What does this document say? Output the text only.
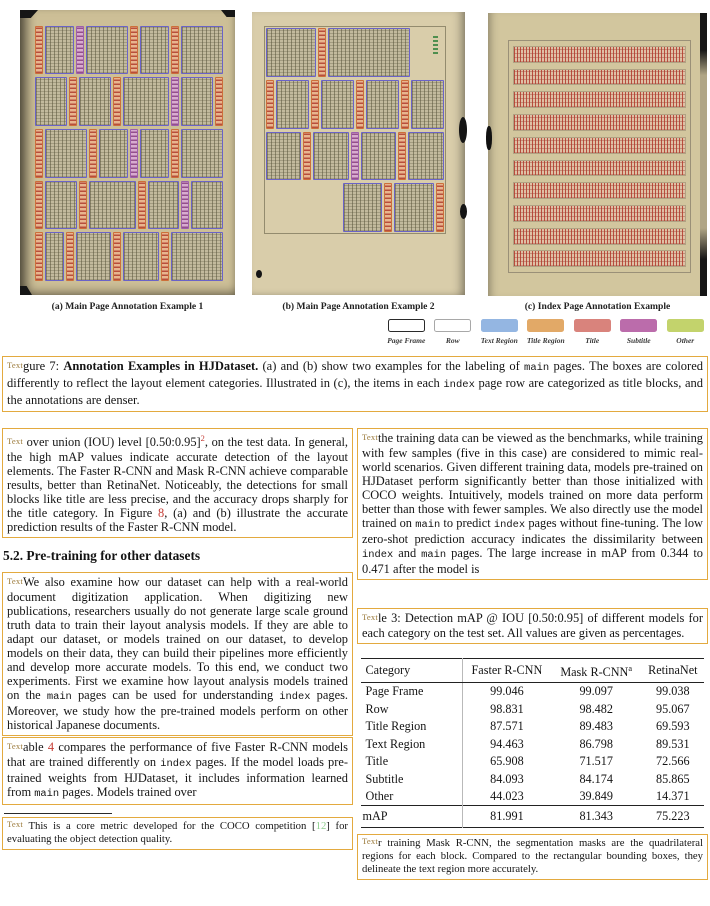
(a) Main Page Annotation Example 1	(b) Main Page Annotation Example 2	(c) Index Page Annotation Example
Page Frame	Row	Text Region	Title Region	Title	Subtitle	Other
Textgure 7: Annotation Examples in HJDataset. (a) and (b) show two examples for the labeling of main pages. The boxes are colored differently to reflect the layout element categories. Illustrated in (c), the items in each index page row are categorized as title blocks, and the annotations are denser.
Text over union (IOU) level [0.50:0.95]$^2$, on the test data. In general, the high mAP values indicate accurate detection of the layout elements. The Faster R-CNN and Mask R-CNN achieve comparable results, better than RetinaNet. Noticeably, the detections for small blocks like title are less precise, and the accuracy drops sharply for the title category. In Figure 8, (a) and (b) illustrate the accurate prediction results of the Faster R-CNN model.
5.2. Pre-training for other datasets
TextWe also examine how our dataset can help with a real-world document digitization application. When digitizing new publications, researchers usually do not generate large scale ground truth data to train their layout analysis models. If they are able to adapt our dataset, or models trained on our dataset, to develop models on their data, they can build their pipelines more efficiently and develop more accurate models. To this end, we conduct two experiments. First we examine how layout analysis models trained on the main pages can be used for understanding index pages. Moreover, we study how the pre-trained models perform on other historical Japanese documents.
Textable 4 compares the performance of five Faster R-CNN models that are trained differently on index pages. If the model loads pre-trained weights from HJDataset, it includes information learned from main pages. Models trained over
Text This is a core metric developed for the COCO competition [12] for evaluating the object detection quality.
Textthe training data can be viewed as the benchmarks, while training with few samples (five in this case) are considered to mimic real-world scenarios. Given different training data, models pre-trained on HJDataset perform significantly better than those initialized with COCO weights. Intuitively, models trained on more data perform better than those with fewer samples. We also directly use the model trained on main to predict index pages without fine-tuning. The low zero-shot prediction accuracy indicates the dissimilarity between index and main pages. The large increase in mAP from 0.344 to 0.471 after the model is
Textle 3: Detection mAP @ IOU [0.50:0.95] of different models for each category on the test set. All values are given as percentages.
Category	Faster R-CNN	Mask R-CNN$^a$	RetinaNet
Page Frame	99.046	99.097	99.038
Row	98.831	98.482	95.067
Title Region	87.571	89.483	69.593
Text Region	94.463	86.798	89.531
Title	65.908	71.517	72.566
Subtitle	84.093	84.174	85.865
Other	44.023	39.849	14.371
mAP	81.991	81.343	75.223
Textr training Mask R-CNN, the segmentation masks are the quadrilateral regions for each block. Compared to the rectangular bounding boxes, they delineate the text region more accurately.
